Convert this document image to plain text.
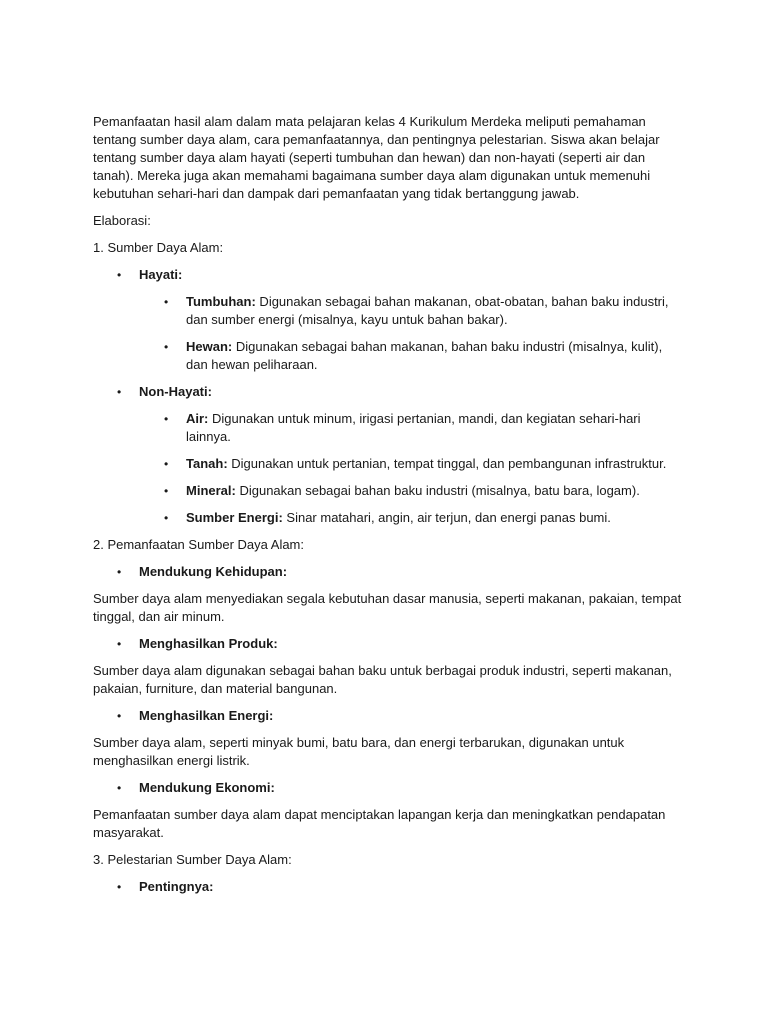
Pemanfaatan hasil alam dalam mata pelajaran kelas 4 Kurikulum Merdeka meliputi pemahaman tentang sumber daya alam, cara pemanfaatannya, dan pentingnya pelestarian. Siswa akan belajar tentang sumber daya alam hayati (seperti tumbuhan dan hewan) dan non-hayati (seperti air dan tanah). Mereka juga akan memahami bagaimana sumber daya alam digunakan untuk memenuhi kebutuhan sehari-hari dan dampak dari pemanfaatan yang tidak bertanggung jawab.

Elaborasi:

1. Sumber Daya Alam:

• Hayati:
• Tumbuhan: Digunakan sebagai bahan makanan, obat-obatan, bahan baku industri, dan sumber energi (misalnya, kayu untuk bahan bakar).
• Hewan: Digunakan sebagai bahan makanan, bahan baku industri (misalnya, kulit), dan hewan peliharaan.
• Non-Hayati:
• Air: Digunakan untuk minum, irigasi pertanian, mandi, dan kegiatan sehari-hari lainnya.
• Tanah: Digunakan untuk pertanian, tempat tinggal, dan pembangunan infrastruktur.
• Mineral: Digunakan sebagai bahan baku industri (misalnya, batu bara, logam).
• Sumber Energi: Sinar matahari, angin, air terjun, dan energi panas bumi.

2. Pemanfaatan Sumber Daya Alam:

• Mendukung Kehidupan:

Sumber daya alam menyediakan segala kebutuhan dasar manusia, seperti makanan, pakaian, tempat tinggal, dan air minum.

• Menghasilkan Produk:

Sumber daya alam digunakan sebagai bahan baku untuk berbagai produk industri, seperti makanan, pakaian, furniture, dan material bangunan.

• Menghasilkan Energi:

Sumber daya alam, seperti minyak bumi, batu bara, dan energi terbarukan, digunakan untuk menghasilkan energi listrik.

• Mendukung Ekonomi:

Pemanfaatan sumber daya alam dapat menciptakan lapangan kerja dan meningkatkan pendapatan masyarakat.

3. Pelestarian Sumber Daya Alam:

• Pentingnya:
